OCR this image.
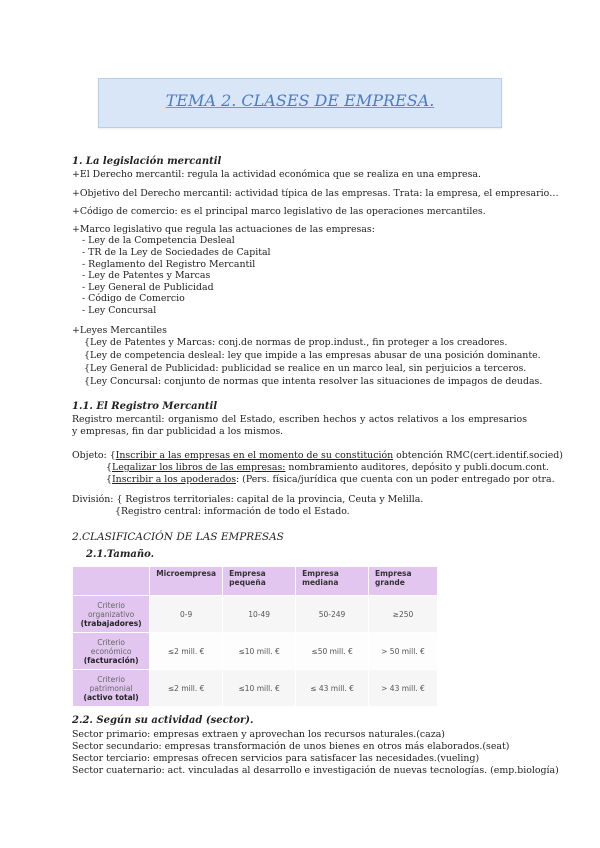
TEMA 2. CLASES DE EMPRESA.
1. La legislación mercantil
+El Derecho mercantil: regula la actividad económica que se realiza en una empresa.
+Objetivo del Derecho mercantil: actividad típica de las empresas. Trata: la empresa, el empresario…
+Código de comercio: es el principal marco legislativo de las operaciones mercantiles.
+Marco legislativo que regula las actuaciones de las empresas:
- Ley de la Competencia Desleal
- TR de la Ley de Sociedades de Capital
- Reglamento del Registro Mercantil
- Ley de Patentes y Marcas
- Ley General de Publicidad
- Código de Comercio
- Ley Concursal
+Leyes Mercantiles
{Ley de Patentes y Marcas: conj.de normas de prop.indust., fin proteger a los creadores.
{Ley de competencia desleal: ley que impide a las empresas abusar de una posición dominante.
{Ley General de Publicidad: publicidad se realice en un marco leal, sin perjuicios a terceros.
{Ley Concursal: conjunto de normas que intenta resolver las situaciones de impagos de deudas.
1.1. El Registro Mercantil
Registro mercantil: organismo del Estado, escriben hechos y actos relativos a los empresarios y empresas, fin dar publicidad a los mismos.
Objeto: {Inscribir a las empresas en el momento de su constitución obtención RMC(cert.identif.socied)
{Legalizar los libros de las empresas: nombramiento auditores, depósito y publi.docum.cont.
{Inscribir a los apoderados: (Pers. física/jurídica que cuenta con un poder entregado por otra.
División: { Registros territoriales: capital de la provincia, Ceuta y Melilla.
{Registro central: información de todo el Estado.
2.CLASIFICACIÓN DE LAS EMPRESAS
2.1.Tamaño.
	Microempresa	Empresa pequeña	Empresa mediana	Empresa grande
Criterio organizativo
(trabajadores)	0-9	10-49	50-249	≥250
Criterio económico
(facturación)	≤2 mill. €	≤10 mill. €	≤50 mill. €	> 50 mill. €
Criterio patrimonial
(activo total)	≤2 mill. €	≤10 mill. €	≤ 43 mill. €	> 43 mill. €
2.2. Según su actividad (sector).
Sector primario: empresas extraen y aprovechan los recursos naturales.(caza)
Sector secundario: empresas transformación de unos bienes en otros más elaborados.(seat)
Sector terciario: empresas ofrecen servicios para satisfacer las necesidades.(vueling)
Sector cuaternario: act. vinculadas al desarrollo e investigación de nuevas tecnologías. (emp.biología)
